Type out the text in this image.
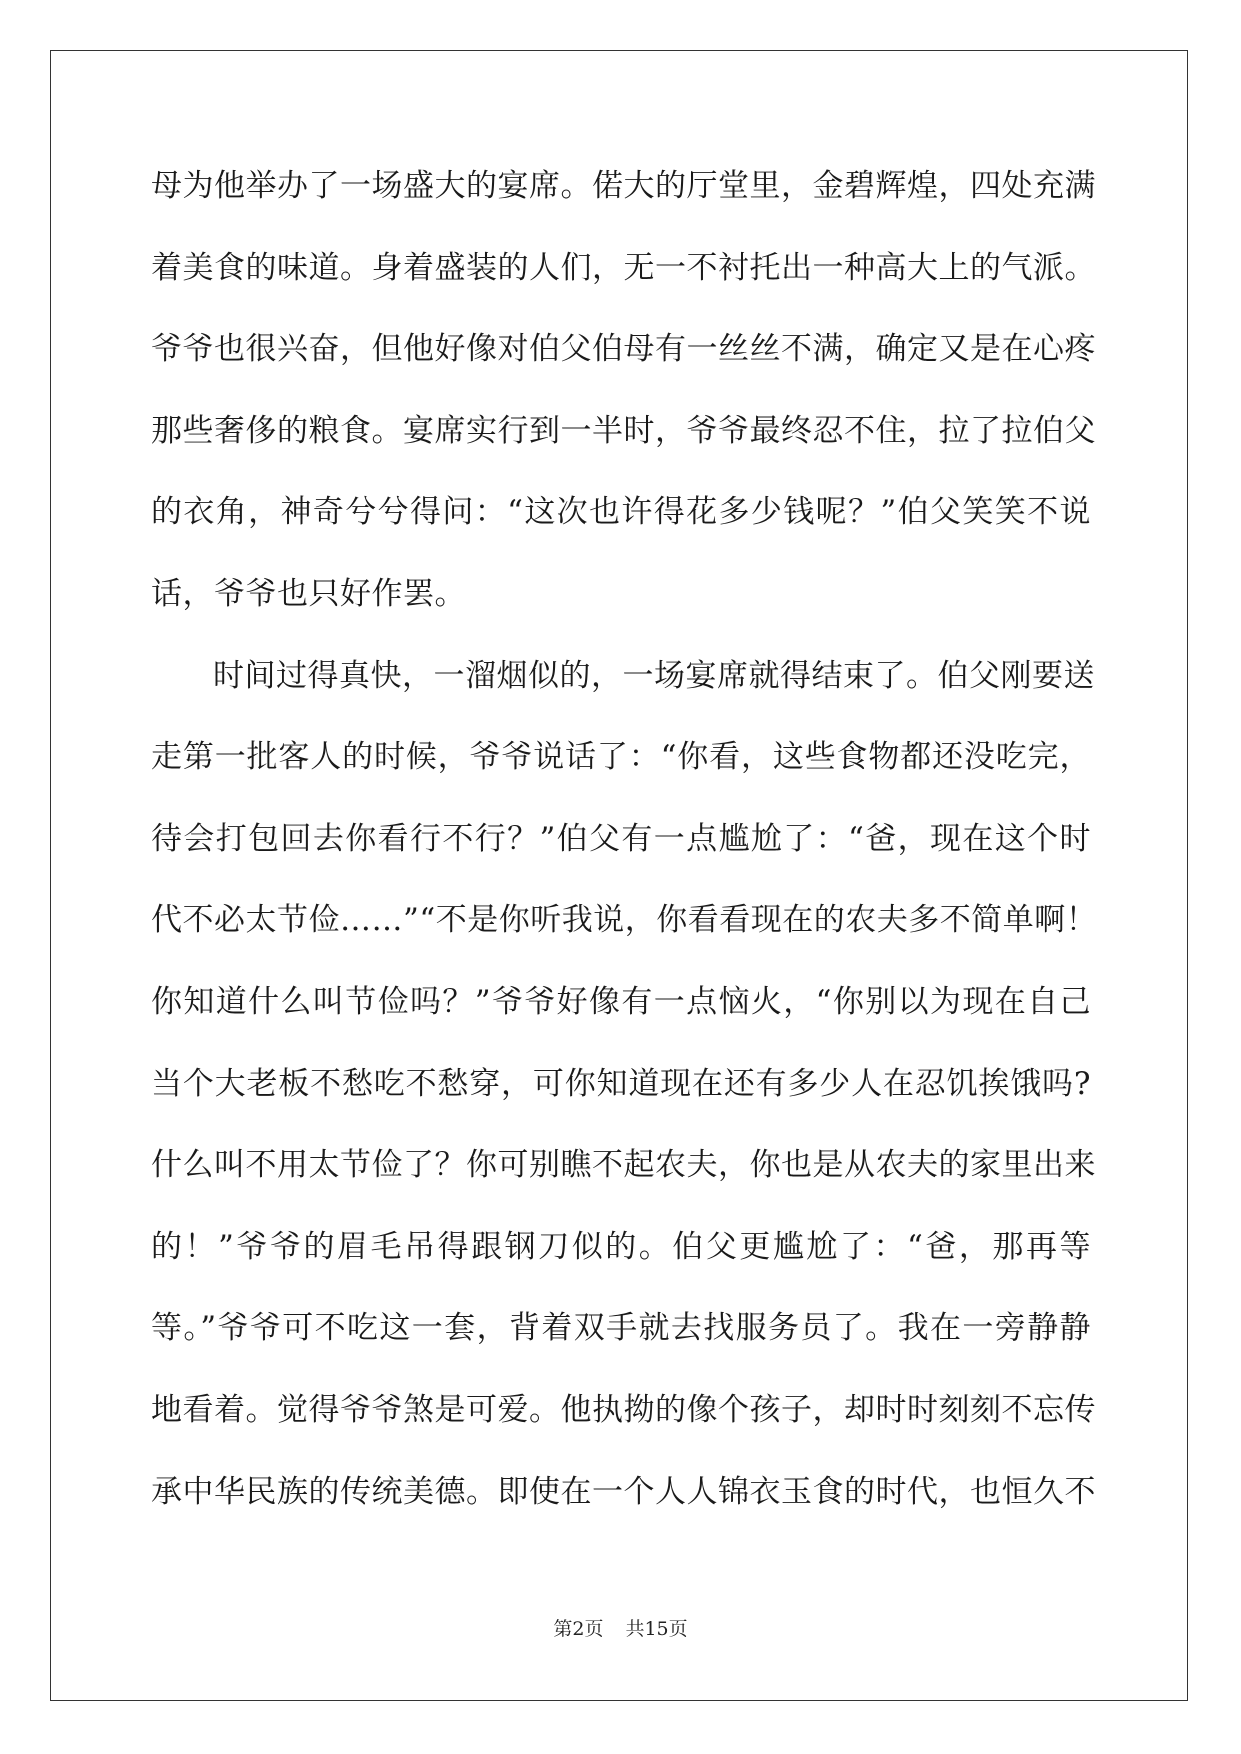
母为他举办了一场盛大的宴席。偌大的厅堂里，金碧辉煌，四处充满
着美食的味道。身着盛装的人们，无一不衬托出一种高大上的气派。
爷爷也很兴奋，但他好像对伯父伯母有一丝丝不满，确定又是在心疼
那些奢侈的粮食。宴席实行到一半时，爷爷最终忍不住，拉了拉伯父
的衣角，神奇兮兮得问：“这次也许得花多少钱呢？”伯父笑笑不说
话，爷爷也只好作罢。
时间过得真快，一溜烟似的，一场宴席就得结束了。伯父刚要送
走第一批客人的时候，爷爷说话了：“你看，这些食物都还没吃完，
待会打包回去你看行不行？”伯父有一点尴尬了：“爸，现在这个时
代不必太节俭……”“不是你听我说，你看看现在的农夫多不简单啊！
你知道什么叫节俭吗？”爷爷好像有一点恼火，“你别以为现在自己
当个大老板不愁吃不愁穿，可你知道现在还有多少人在忍饥挨饿吗?
什么叫不用太节俭了？你可别瞧不起农夫，你也是从农夫的家里出来
的！”爷爷的眉毛吊得跟钢刀似的。伯父更尴尬了：“爸，那再等
等。”爷爷可不吃这一套，背着双手就去找服务员了。我在一旁静静
地看着。觉得爷爷煞是可爱。他执拗的像个孩子，却时时刻刻不忘传
承中华民族的传统美德。即使在一个人人锦衣玉食的时代，也恒久不
第2页 共15页
